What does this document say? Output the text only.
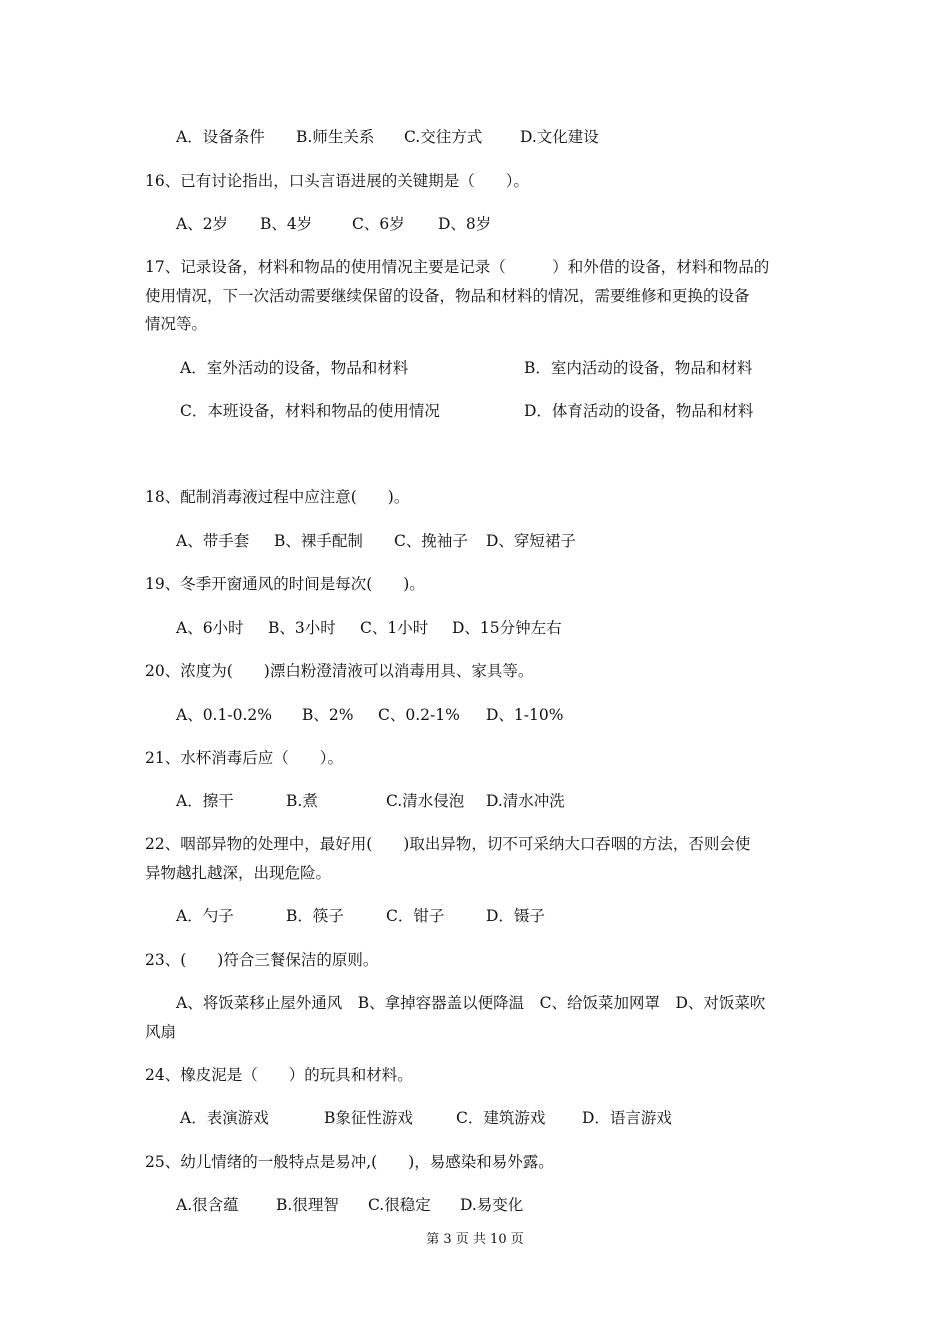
A．设备条件 B.师生关系 C.交往方式 D.文化建设
16、已有讨论指出，口头言语进展的关键期是（　　）。
A、2岁 B、4岁	C、6岁 D、8岁
17、记录设备，材料和物品的使用情况主要是记录（　　　）和外借的设备，材料和物品的
使用情况，下一次活动需要继续保留的设备，物品和材料的情况，需要维修和更换的设备
情况等。
A．室外活动的设备，物品和材料	B．室内活动的设备，物品和材料
C．本班设备，材料和物品的使用情况	D．体育活动的设备，物品和材料
18、配制消毒液过程中应注意(　　)。
A、带手套 B、裸手配制 C、挽袖子 D、穿短裙子
19、冬季开窗通风的时间是每次(　　)。
A、6小时 B、3小时 C、1小时 D、15分钟左右
20、浓度为(　　)漂白粉澄清液可以消毒用具、家具等。
A、0.1-0.2% B、2% C、0.2-1% D、1-10%
21、水杯消毒后应（　　）。
A．擦干	B.煮	C.清水侵泡 D.清水冲洗
22、咽部异物的处理中，最好用(　　)取出异物，切不可采纳大口吞咽的方法，否则会使
异物越扎越深，出现危险。
A．勺子	B．筷子	C．钳子	D．镊子
23、(　　)符合三餐保洁的原则。
A、将饭菜移止屋外通风　B、拿掉容器盖以便降温　C、给饭菜加网罩　D、对饭菜吹
风扇
24、橡皮泥是（　　）的玩具和材料。
A．表演游戏	B象征性游戏	C．建筑游戏 D．语言游戏
25、幼儿情绪的一般特点是易冲,(　　)，易感染和易外露。
A.很含蕴 B.很理智 C.很稳定 D.易变化
第 3 页 共 10 页
